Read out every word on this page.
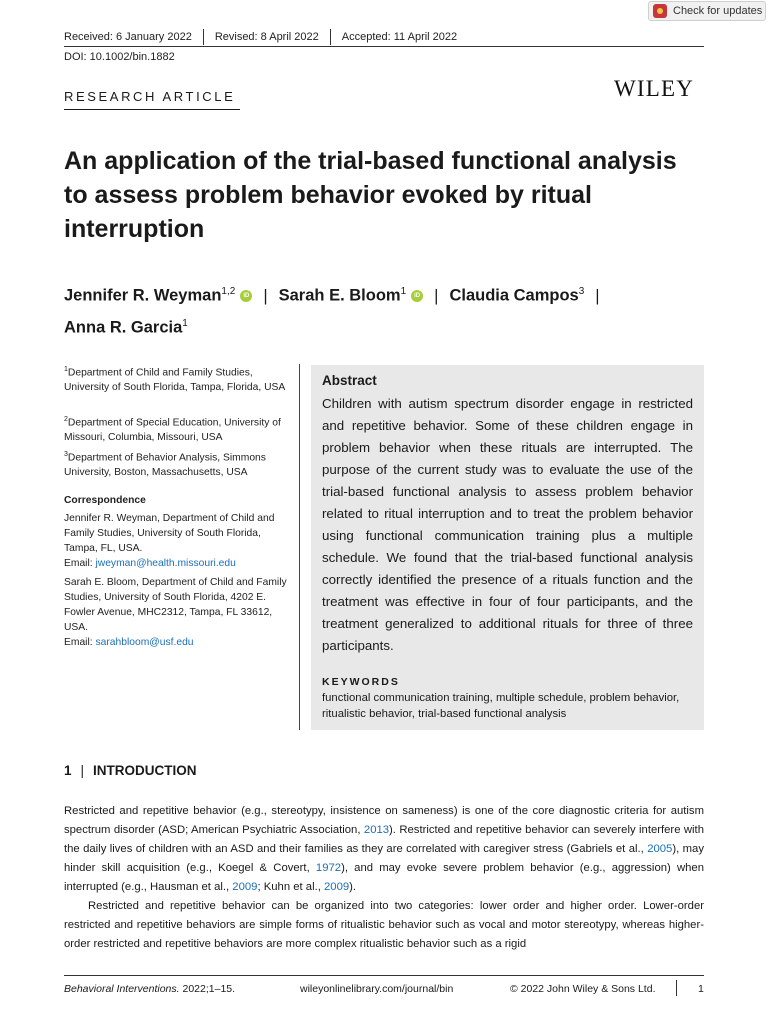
Received: 6 January 2022 Revised: 8 April 2022 Accepted: 11 April 2022
DOI: 10.1002/bin.1882
Check for updates
RESEARCH ARTICLE	WILEY
An application of the trial-based functional analysis to assess problem behavior evoked by ritual interruption
Jennifer R. Weyman$^{1,2}$ iD | Sarah E. Bloom$^1$ iD | Claudia Campos$^3$ |
Anna R. Garcia$^1$
$^1$Department of Child and Family Studies, University of South Florida, Tampa, Florida, USA
$^2$Department of Special Education, University of Missouri, Columbia, Missouri, USA
$^3$Department of Behavior Analysis, Simmons University, Boston, Massachusetts, USA
Correspondence
Jennifer R. Weyman, Department of Child and Family Studies, University of South Florida, Tampa, FL, USA.
Email: jweyman@health.missouri.edu
Sarah E. Bloom, Department of Child and Family Studies, University of South Florida, 4202 E. Fowler Avenue, MHC2312, Tampa, FL 33612, USA.
Email: sarahbloom@usf.edu
Abstract
Children with autism spectrum disorder engage in restricted and repetitive behavior. Some of these children engage in problem behavior when these rituals are interrupted. The purpose of the current study was to evaluate the use of the trial-based functional analysis to assess problem behavior related to ritual interruption and to treat the problem behavior using functional communication training plus a multiple schedule. We found that the trial-based functional analysis correctly identified the presence of a rituals function and the treatment was effective in four of four participants, and the treatment generalized to additional rituals for three of three participants.
KEYWORDS
functional communication training, multiple schedule, problem behavior, ritualistic behavior, trial-based functional analysis
1 | INTRODUCTION
Restricted and repetitive behavior (e.g., stereotypy, insistence on sameness) is one of the core diagnostic criteria for autism spectrum disorder (ASD; American Psychiatric Association, 2013). Restricted and repetitive behavior can severely interfere with the daily lives of children with an ASD and their families as they are correlated with caregiver stress (Gabriels et al., 2005), may hinder skill acquisition (e.g., Koegel & Covert, 1972), and may evoke severe problem behavior (e.g., aggression) when interrupted (e.g., Hausman et al., 2009; Kuhn et al., 2009).
Restricted and repetitive behavior can be organized into two categories: lower order and higher order. Lower-order restricted and repetitive behaviors are simple forms of ritualistic behavior such as vocal and motor stereotypy, whereas higher-order restricted and repetitive behaviors are more complex ritualistic behavior such as a rigid
Behavioral Interventions. 2022;1–15.	wileyonlinelibrary.com/journal/bin	© 2022 John Wiley & Sons Ltd.	1
